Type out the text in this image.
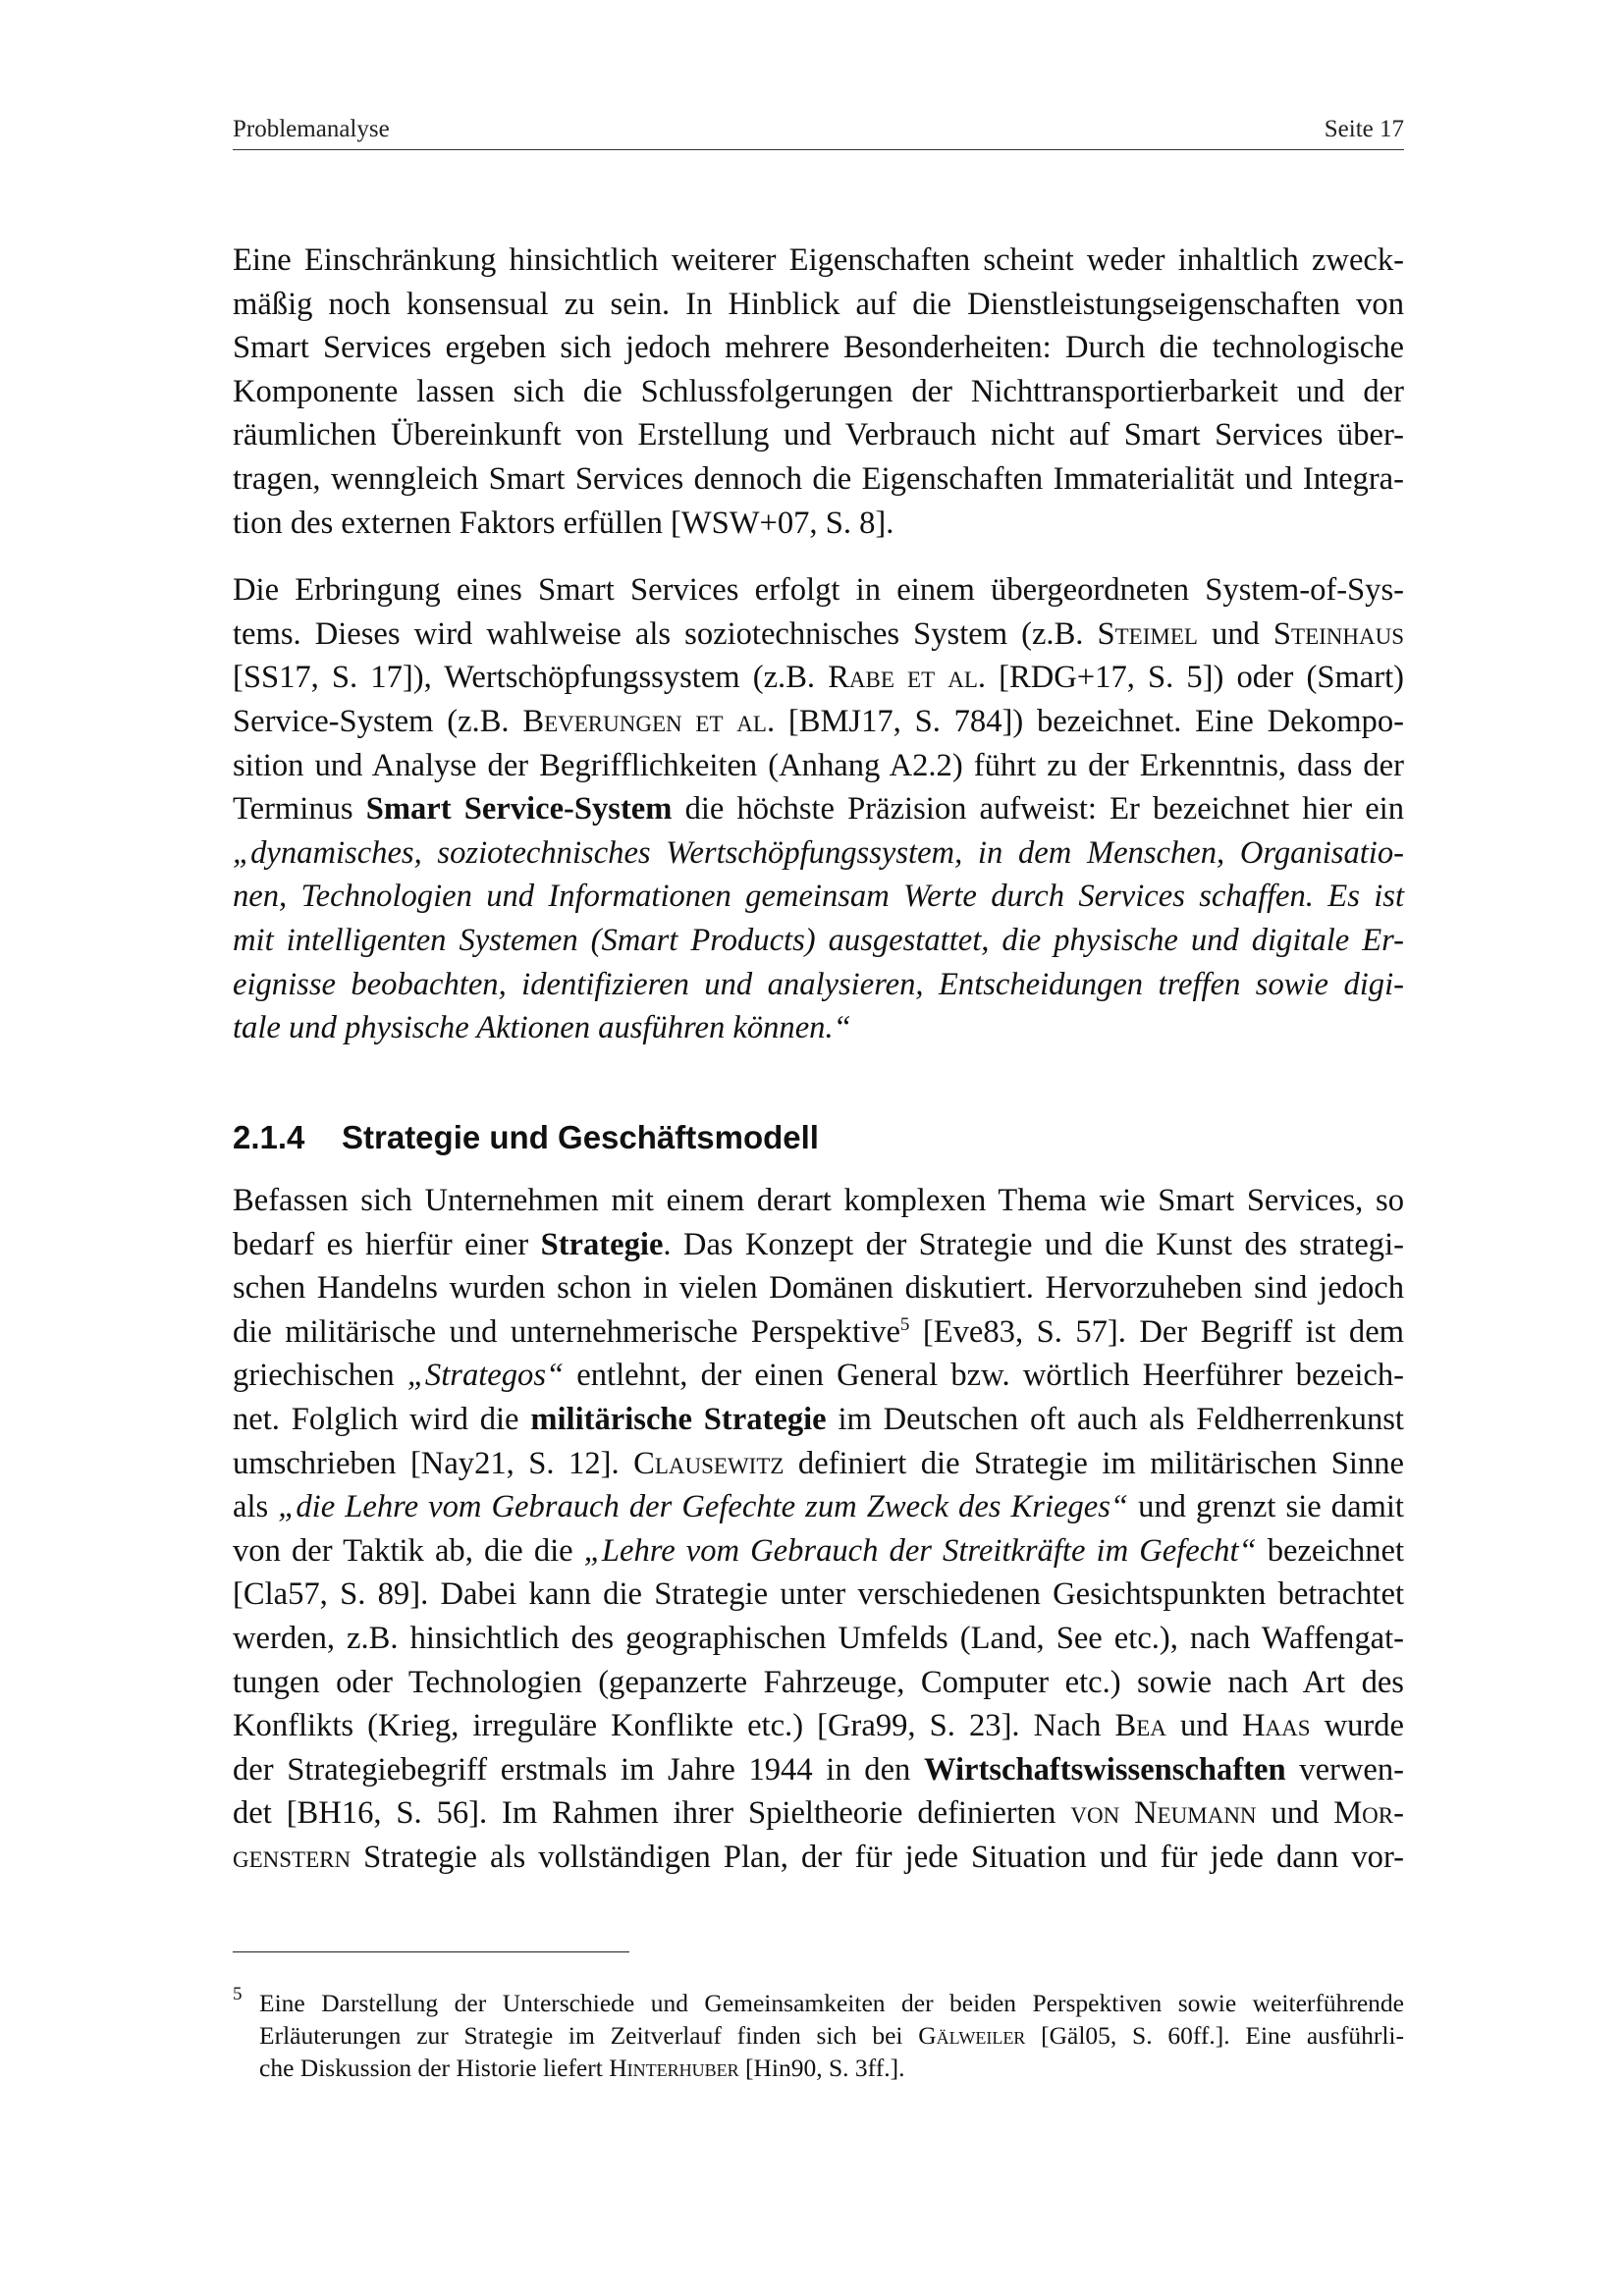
Problemanalyse	Seite 17
Eine Einschränkung hinsichtlich weiterer Eigenschaften scheint weder inhaltlich zweck-
mäßig noch konsensual zu sein. In Hinblick auf die Dienstleistungseigenschaften von
Smart Services ergeben sich jedoch mehrere Besonderheiten: Durch die technologische
Komponente lassen sich die Schlussfolgerungen der Nichttransportierbarkeit und der
räumlichen Übereinkunft von Erstellung und Verbrauch nicht auf Smart Services über-
tragen, wenngleich Smart Services dennoch die Eigenschaften Immaterialität und Integra-
tion des externen Faktors erfüllen [WSW+07, S. 8].
Die Erbringung eines Smart Services erfolgt in einem übergeordneten System-of-Sys-
tems. Dieses wird wahlweise als soziotechnisches System (z.B. Steimel und Steinhaus
[SS17, S. 17]), Wertschöpfungssystem (z.B. Rabe et al. [RDG+17, S. 5]) oder (Smart)
Service-System (z.B. Beverungen et al. [BMJ17, S. 784]) bezeichnet. Eine Dekompo-
sition und Analyse der Begrifflichkeiten (Anhang A2.2) führt zu der Erkenntnis, dass der
Terminus Smart Service-System die höchste Präzision aufweist: Er bezeichnet hier ein
„dynamisches, soziotechnisches Wertschöpfungssystem, in dem Menschen, Organisatio-
nen, Technologien und Informationen gemeinsam Werte durch Services schaffen. Es ist
mit intelligenten Systemen (Smart Products) ausgestattet, die physische und digitale Er-
eignisse beobachten, identifizieren und analysieren, Entscheidungen treffen sowie digi-
tale und physische Aktionen ausführen können.“
2.1.4 Strategie und Geschäftsmodell
Befassen sich Unternehmen mit einem derart komplexen Thema wie Smart Services, so
bedarf es hierfür einer Strategie. Das Konzept der Strategie und die Kunst des strategi-
schen Handelns wurden schon in vielen Domänen diskutiert. Hervorzuheben sind jedoch
die militärische und unternehmerische Perspektive$^5$ [Eve83, S. 57]. Der Begriff ist dem
griechischen „Strategos“ entlehnt, der einen General bzw. wörtlich Heerführer bezeich-
net. Folglich wird die militärische Strategie im Deutschen oft auch als Feldherrenkunst
umschrieben [Nay21, S. 12]. Clausewitz definiert die Strategie im militärischen Sinne
als „die Lehre vom Gebrauch der Gefechte zum Zweck des Krieges“ und grenzt sie damit
von der Taktik ab, die die „Lehre vom Gebrauch der Streitkräfte im Gefecht“ bezeichnet
[Cla57, S. 89]. Dabei kann die Strategie unter verschiedenen Gesichtspunkten betrachtet
werden, z.B. hinsichtlich des geographischen Umfelds (Land, See etc.), nach Waffengat-
tungen oder Technologien (gepanzerte Fahrzeuge, Computer etc.) sowie nach Art des
Konflikts (Krieg, irreguläre Konflikte etc.) [Gra99, S. 23]. Nach Bea und Haas wurde
der Strategiebegriff erstmals im Jahre 1944 in den Wirtschaftswissenschaften verwen-
det [BH16, S. 56]. Im Rahmen ihrer Spieltheorie definierten von Neumann und Mor-
genstern Strategie als vollständigen Plan, der für jede Situation und für jede dann vor-
5 Eine Darstellung der Unterschiede und Gemeinsamkeiten der beiden Perspektiven sowie weiterführende
Erläuterungen zur Strategie im Zeitverlauf finden sich bei Gälweiler [Gäl05, S. 60ff.]. Eine ausführli-
che Diskussion der Historie liefert Hinterhuber [Hin90, S. 3ff.].
